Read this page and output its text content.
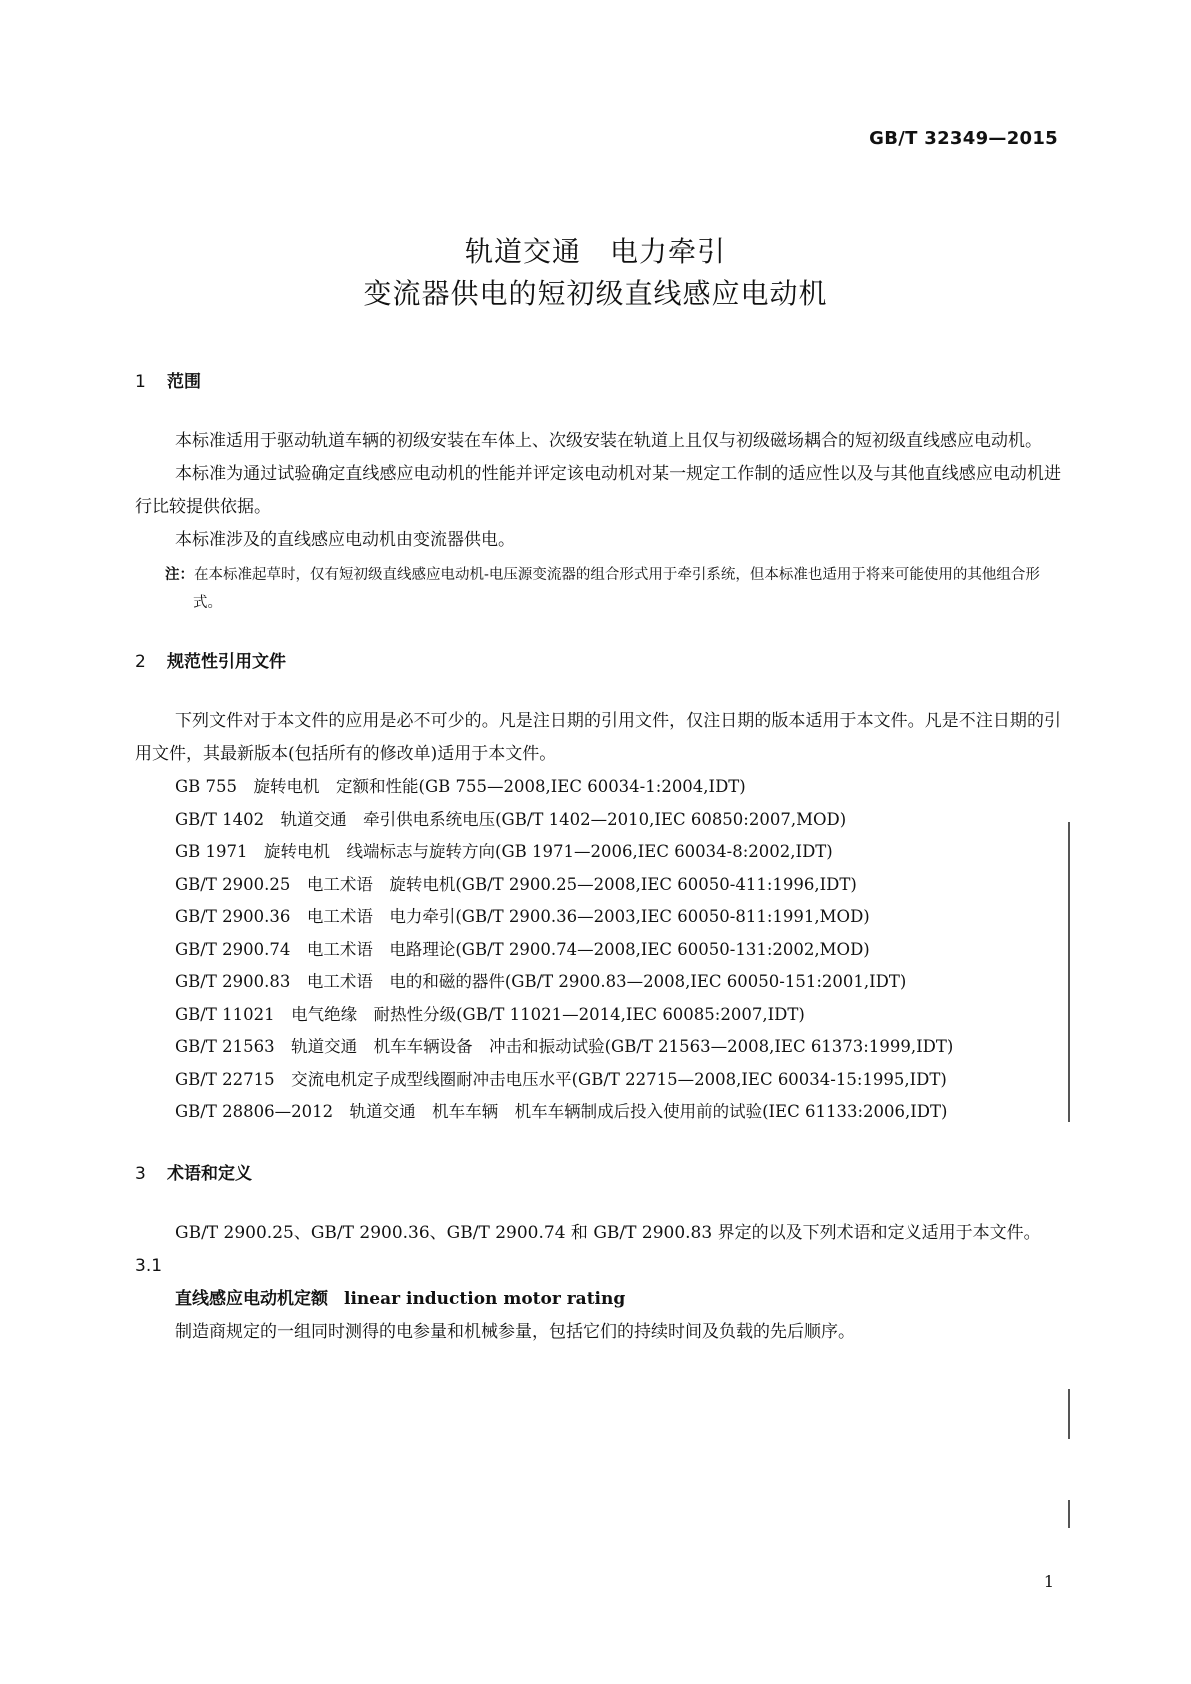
GB/T 32349—2015
轨道交通　电力牵引
变流器供电的短初级直线感应电动机
1 范围

本标准适用于驱动轨道车辆的初级安装在车体上、次级安装在轨道上且仅与初级磁场耦合的短初级直线感应电动机。

本标准为通过试验确定直线感应电动机的性能并评定该电动机对某一规定工作制的适应性以及与其他直线感应电动机进行比较提供依据。

本标准涉及的直线感应电动机由变流器供电。

注：在本标准起草时，仅有短初级直线感应电动机-电压源变流器的组合形式用于牵引系统，但本标准也适用于将来可能使用的其他组合形式。
2 规范性引用文件

下列文件对于本文件的应用是必不可少的。凡是注日期的引用文件，仅注日期的版本适用于本文件。凡是不注日期的引用文件，其最新版本(包括所有的修改单)适用于本文件。

GB 755　旋转电机　定额和性能(GB 755—2008,IEC 60034-1:2004,IDT)

GB/T 1402　轨道交通　牵引供电系统电压(GB/T 1402—2010,IEC 60850:2007,MOD)

GB 1971　旋转电机　线端标志与旋转方向(GB 1971—2006,IEC 60034-8:2002,IDT)

GB/T 2900.25　电工术语　旋转电机(GB/T 2900.25—2008,IEC 60050-411:1996,IDT)

GB/T 2900.36　电工术语　电力牵引(GB/T 2900.36—2003,IEC 60050-811:1991,MOD)

GB/T 2900.74　电工术语　电路理论(GB/T 2900.74—2008,IEC 60050-131:2002,MOD)

GB/T 2900.83　电工术语　电的和磁的器件(GB/T 2900.83—2008,IEC 60050-151:2001,IDT)

GB/T 11021　电气绝缘　耐热性分级(GB/T 11021—2014,IEC 60085:2007,IDT)

GB/T 21563　轨道交通　机车车辆设备　冲击和振动试验(GB/T 21563—2008,IEC 61373:1999,IDT)

GB/T 22715　交流电机定子成型线圈耐冲击电压水平(GB/T 22715—2008,IEC 60034-15:1995,IDT)

GB/T 28806—2012　轨道交通　机车车辆　机车车辆制成后投入使用前的试验(IEC 61133:2006,IDT)

3 术语和定义

GB/T 2900.25、GB/T 2900.36、GB/T 2900.74 和 GB/T 2900.83 界定的以及下列术语和定义适用于本文件。

3.1
直线感应电动机定额 linear induction motor rating

制造商规定的一组同时测得的电参量和机械参量，包括它们的持续时间及负载的先后顺序。

1
